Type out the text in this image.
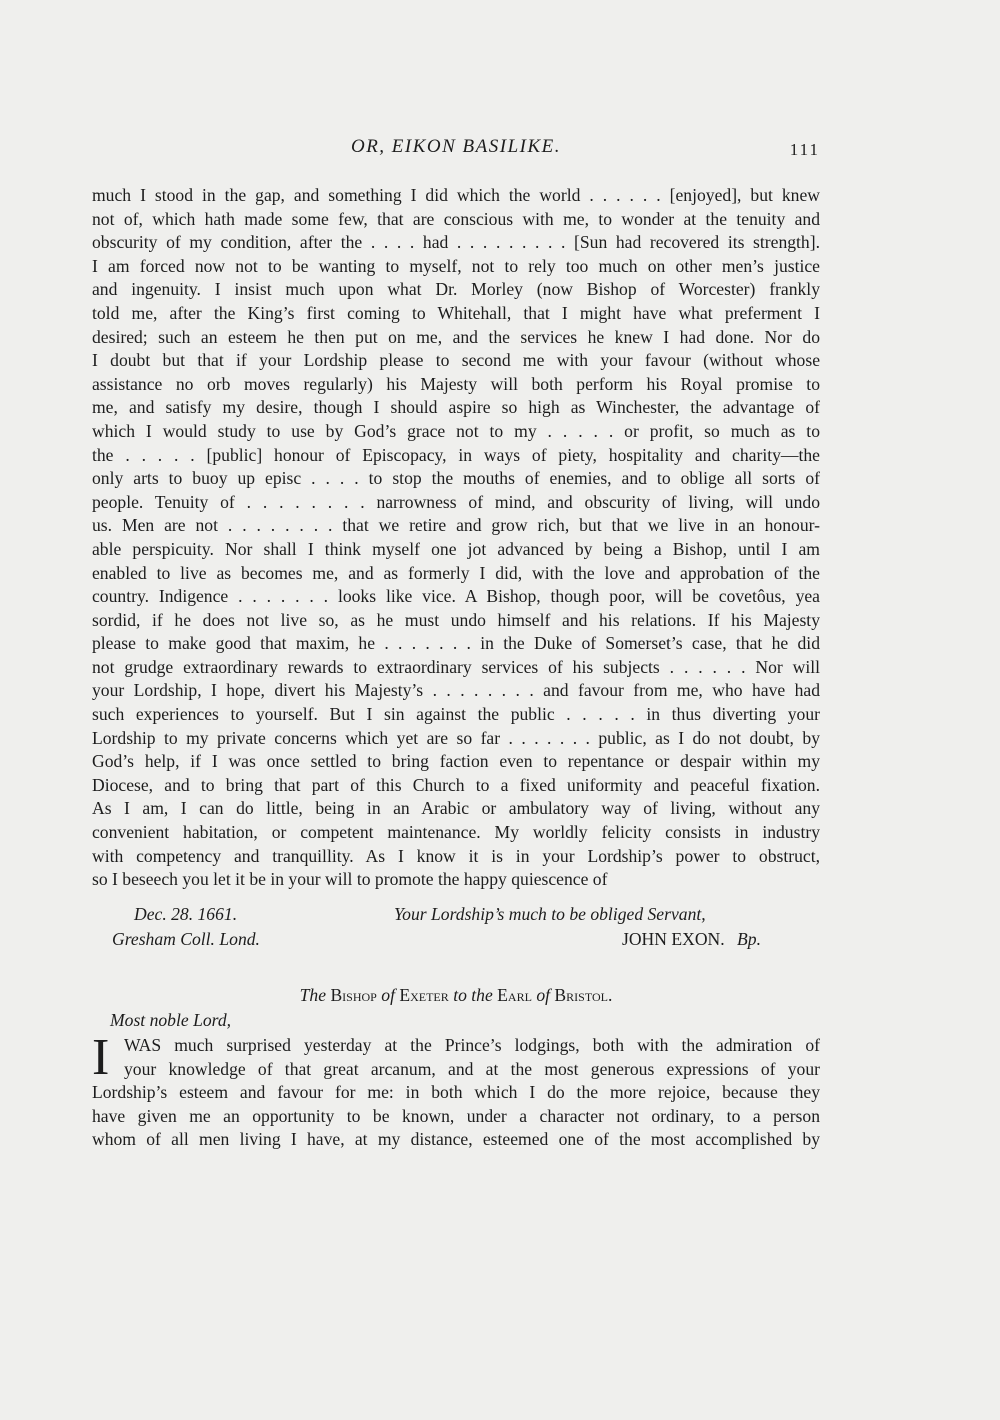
OR, EIKON BASILIKE.	111
much I stood in the gap, and something I did which the world . . . . . . [enjoyed], but knew
not of, which hath made some few, that are conscious with me, to wonder at the tenuity and
obscurity of my condition, after the . . . . had . . . . . . . . . [Sun had recovered its strength].
I am forced now not to be wanting to myself, not to rely too much on other men’s justice
and ingenuity. I insist much upon what Dr. Morley (now Bishop of Worcester) frankly
told me, after the King’s first coming to Whitehall, that I might have what preferment I
desired; such an esteem he then put on me, and the services he knew I had done. Nor do
I doubt but that if your Lordship please to second me with your favour (without whose
assistance no orb moves regularly) his Majesty will both perform his Royal promise to
me, and satisfy my desire, though I should aspire so high as Winchester, the advantage of
which I would study to use by God’s grace not to my . . . . . or profit, so much as to
the . . . . . [public] honour of Episcopacy, in ways of piety, hospitality and charity—the
only arts to buoy up episc . . . . to stop the mouths of enemies, and to oblige all sorts of
people. Tenuity of . . . . . . . . narrowness of mind, and obscurity of living, will undo
us. Men are not . . . . . . . . that we retire and grow rich, but that we live in an honour-
able perspicuity. Nor shall I think myself one jot advanced by being a Bishop, until I am
enabled to live as becomes me, and as formerly I did, with the love and approbation of the
country. Indigence . . . . . . . looks like vice. A Bishop, though poor, will be covetôus, yea
sordid, if he does not live so, as he must undo himself and his relations. If his Majesty
please to make good that maxim, he . . . . . . . in the Duke of Somerset’s case, that he did
not grudge extraordinary rewards to extraordinary services of his subjects . . . . . . Nor will
your Lordship, I hope, divert his Majesty’s . . . . . . . . and favour from me, who have had
such experiences to yourself. But I sin against the public . . . . . in thus diverting your
Lordship to my private concerns which yet are so far . . . . . . . public, as I do not doubt, by
God’s help, if I was once settled to bring faction even to repentance or despair within my
Diocese, and to bring that part of this Church to a fixed uniformity and peaceful fixation.
As I am, I can do little, being in an Arabic or ambulatory way of living, without any
convenient habitation, or competent maintenance. My worldly felicity consists in industry
with competency and tranquillity. As I know it is in your Lordship’s power to obstruct,
so I beseech you let it be in your will to promote the happy quiescence of
Dec. 28. 1661.
Gresham Coll. Lond.
Your Lordship’s much to be obliged Servant,
JOHN EXON. Bp.
The Bishop of Exeter to the Earl of Bristol.
Most noble Lord,
I WAS much surprised yesterday at the Prince’s lodgings, both with the admiration of
your knowledge of that great arcanum, and at the most generous expressions of your
Lordship’s esteem and favour for me: in both which I do the more rejoice, because they
have given me an opportunity to be known, under a character not ordinary, to a person
whom of all men living I have, at my distance, esteemed one of the most accomplished by
